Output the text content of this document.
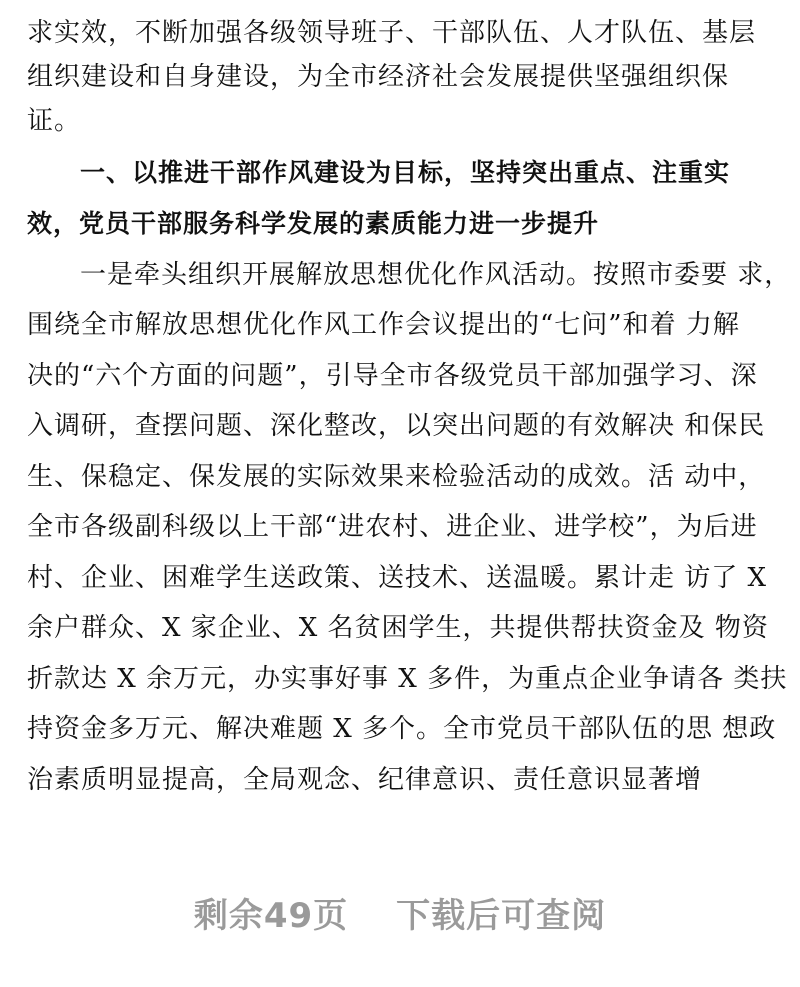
求实效，不断加强各级领导班子、干部队伍、人才队伍、基层
组织建设和自身建设，为全市经济社会发展提供坚强组织保
证。
一、以推进干部作风建设为目标，坚持突出重点、注重实
效，党员干部服务科学发展的素质能力进一步提升
一是牵头组织开展解放思想优化作风活动。按照市委要 求，
围绕全市解放思想优化作风工作会议提出的“七问”和着 力解
决的“六个方面的问题”，引导全市各级党员干部加强学习、深
入调研，查摆问题、深化整改，以突出问题的有效解决 和保民
生、保稳定、保发展的实际效果来检验活动的成效。活 动中，
全市各级副科级以上干部“进农村、进企业、进学校”，为后进
村、企业、困难学生送政策、送技术、送温暖。累计走 访了 X
余户群众、X 家企业、X 名贫困学生，共提供帮扶资金及 物资
折款达 X 余万元，办实事好事 X 多件，为重点企业争请各 类扶
持资金多万元、解决难题 X 多个。全市党员干部队伍的思 想政
治素质明显提高，全局观念、纪律意识、责任意识显著增
剩余49页 下载后可查阅
